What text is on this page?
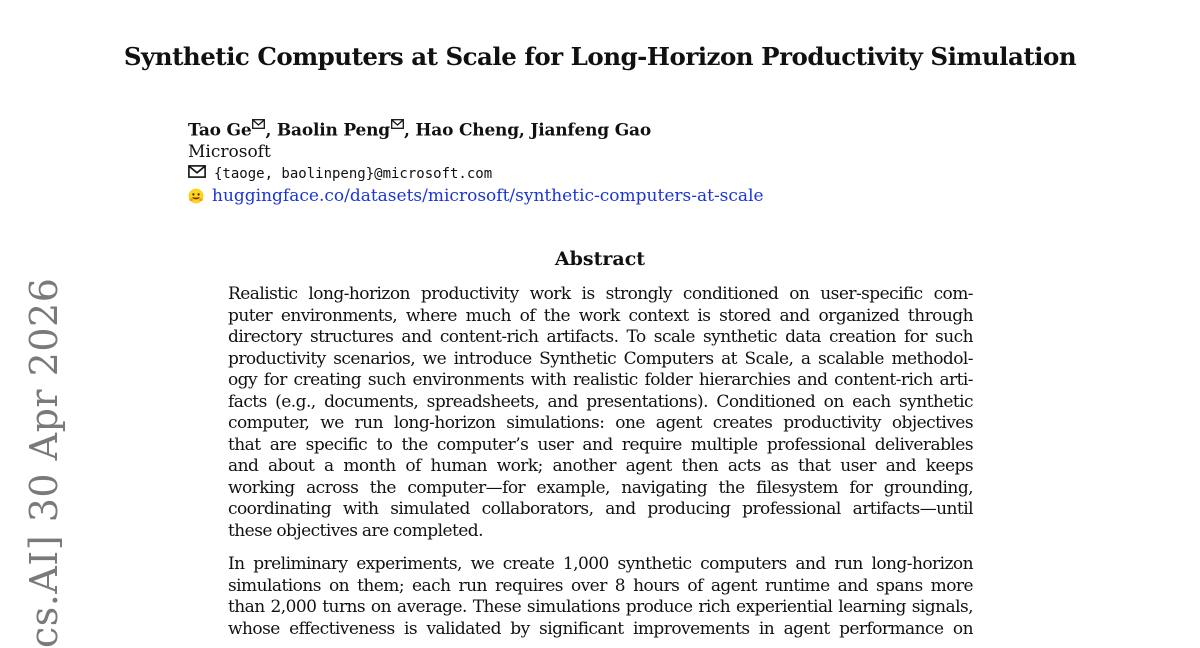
Synthetic Computers at Scale for Long-Horizon Productivity Simulation
Tao Ge , Baolin Peng , Hao Cheng, Jianfeng Gao
Microsoft
{taoge, baolinpeng}@microsoft.com
huggingface.co/datasets/microsoft/synthetic-computers-at-scale
Abstract
Realistic long-horizon productivity work is strongly conditioned on user-specific com-
puter environments, where much of the work context is stored and organized through
directory structures and content-rich artifacts. To scale synthetic data creation for such
productivity scenarios, we introduce Synthetic Computers at Scale, a scalable methodol-
ogy for creating such environments with realistic folder hierarchies and content-rich arti-
facts (e.g., documents, spreadsheets, and presentations). Conditioned on each synthetic
computer, we run long-horizon simulations: one agent creates productivity objectives
that are specific to the computer’s user and require multiple professional deliverables
and about a month of human work; another agent then acts as that user and keeps
working across the computer—for example, navigating the filesystem for grounding,
coordinating with simulated collaborators, and producing professional artifacts—until
these objectives are completed.
In preliminary experiments, we create 1,000 synthetic computers and run long-horizon
simulations on them; each run requires over 8 hours of agent runtime and spans more
than 2,000 turns on average. These simulations produce rich experiential learning signals,
whose effectiveness is validated by significant improvements in agent performance on
cs.AI] 30 Apr 2026
